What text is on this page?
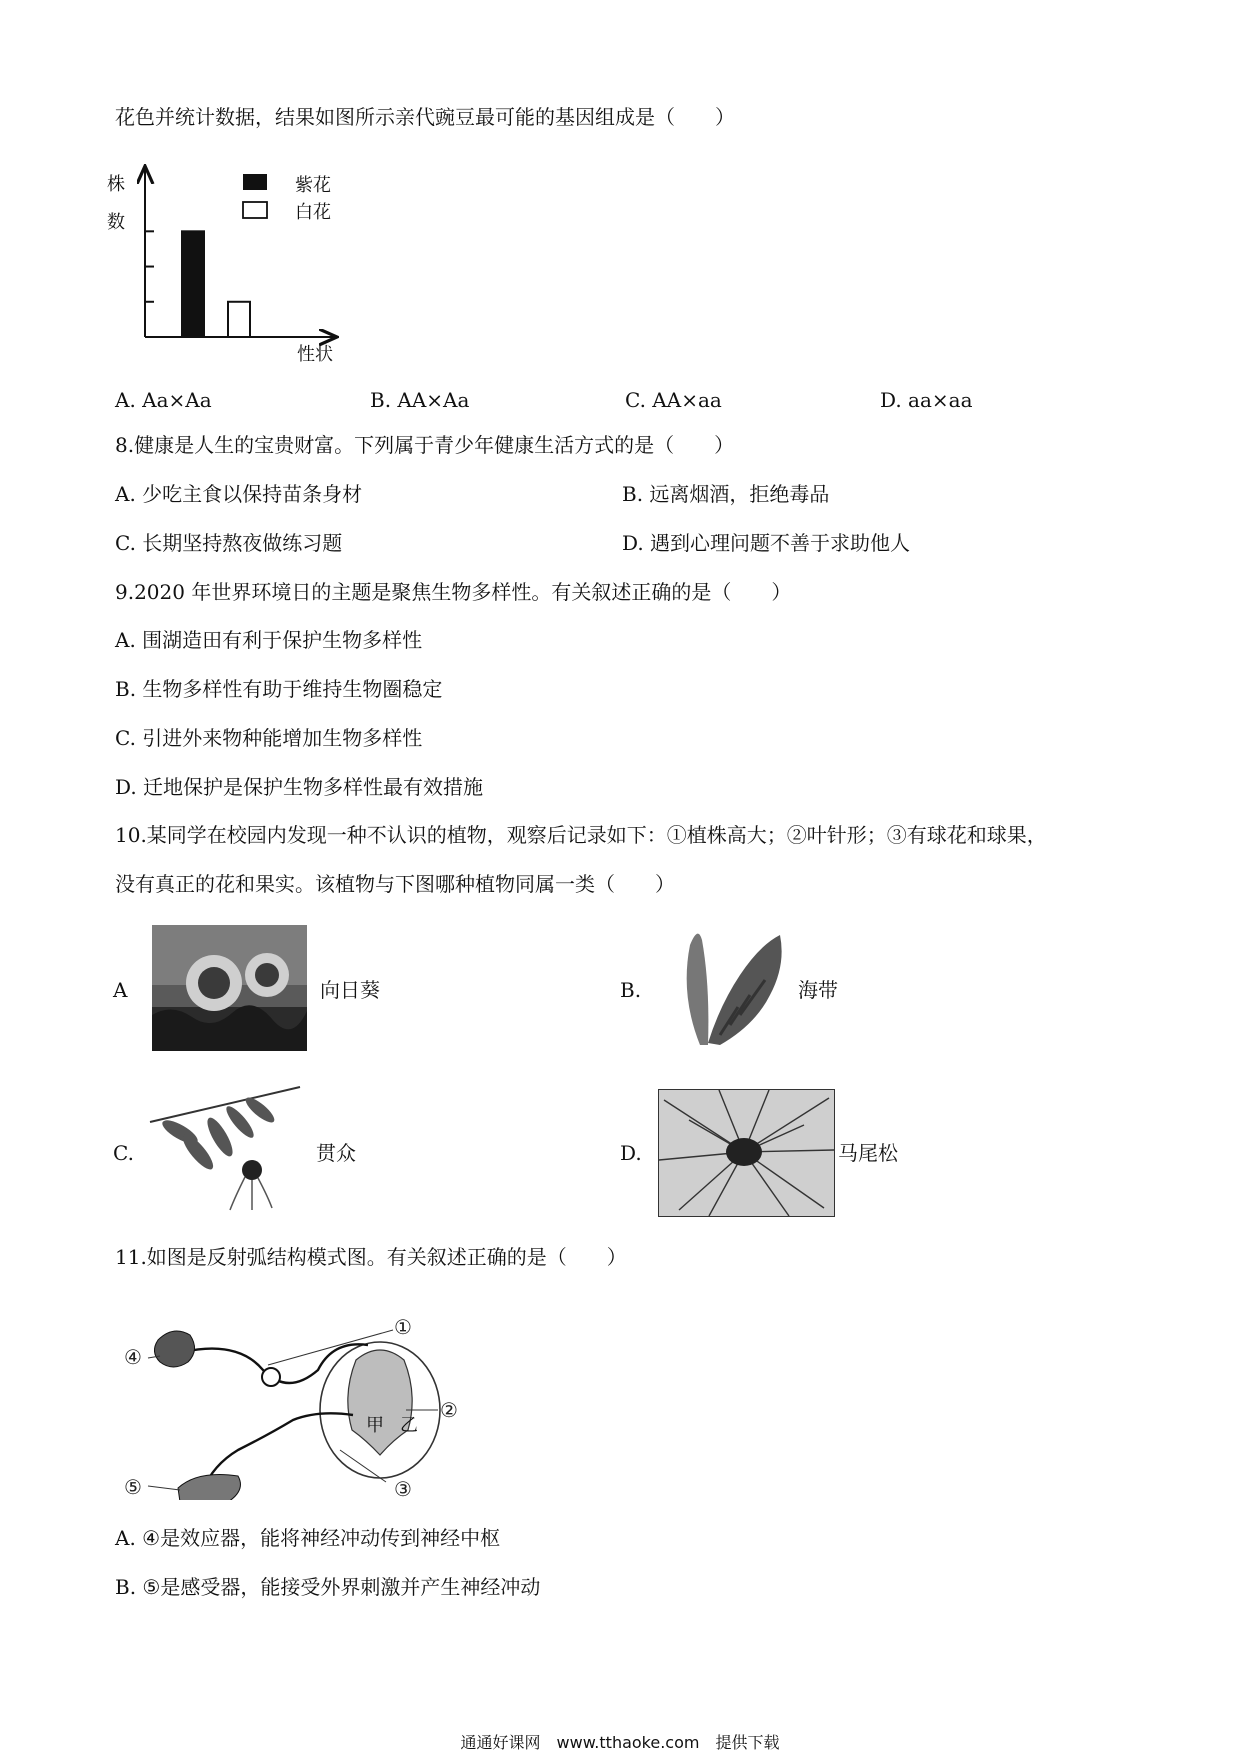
花色并统计数据，结果如图所示亲代豌豆最可能的基因组成是（　　）
株
数
性状
紫花
白花
A. Aa×Aa	B. AA×Aa	C. AA×aa	D. aa×aa
8.健康是人生的宝贵财富。下列属于青少年健康生活方式的是（　　）
A. 少吃主食以保持苗条身材	B. 远离烟酒，拒绝毒品
C. 长期坚持熬夜做练习题	D. 遇到心理问题不善于求助他人
9.2020 年世界环境日的主题是聚焦生物多样性。有关叙述正确的是（　　）
A. 围湖造田有利于保护生物多样性
B. 生物多样性有助于维持生物圈稳定
C. 引进外来物种能增加生物多样性
D. 迁地保护是保护生物多样性最有效措施
10.某同学在校园内发现一种不认识的植物，观察后记录如下：①植株高大；②叶针形；③有球花和球果，
没有真正的花和果实。该植物与下图哪种植物同属一类（　　）
A	向日葵	B.	海带
C.	贯众	D.	马尾松
11.如图是反射弧结构模式图。有关叙述正确的是（　　）
①
②
③
④
⑤
甲 乙
A. ④是效应器，能将神经冲动传到神经中枢
B. ⑤是感受器，能接受外界刺激并产生神经冲动
通通好课网　www.tthaoke.com　提供下载
